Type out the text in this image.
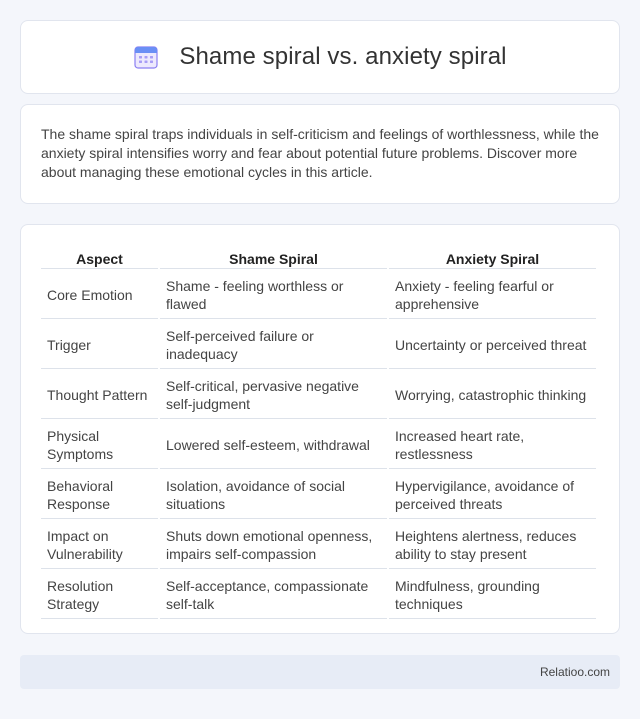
Shame spiral vs. anxiety spiral

The shame spiral traps individuals in self-criticism and feelings of worthlessness, while the anxiety spiral intensifies worry and fear about potential future problems. Discover more about managing these emotional cycles in this article.

Aspect	Shame Spiral	Anxiety Spiral
Core Emotion	Shame - feeling worthless or flawed	Anxiety - feeling fearful or apprehensive
Trigger	Self-perceived failure or inadequacy	Uncertainty or perceived threat
Thought Pattern	Self-critical, pervasive negative self-judgment	Worrying, catastrophic thinking
Physical Symptoms	Lowered self-esteem, withdrawal	Increased heart rate, restlessness
Behavioral Response	Isolation, avoidance of social situations	Hypervigilance, avoidance of perceived threats
Impact on Vulnerability	Shuts down emotional openness, impairs self-compassion	Heightens alertness, reduces ability to stay present
Resolution Strategy	Self-acceptance, compassionate self-talk	Mindfulness, grounding techniques
Relatioo.com
